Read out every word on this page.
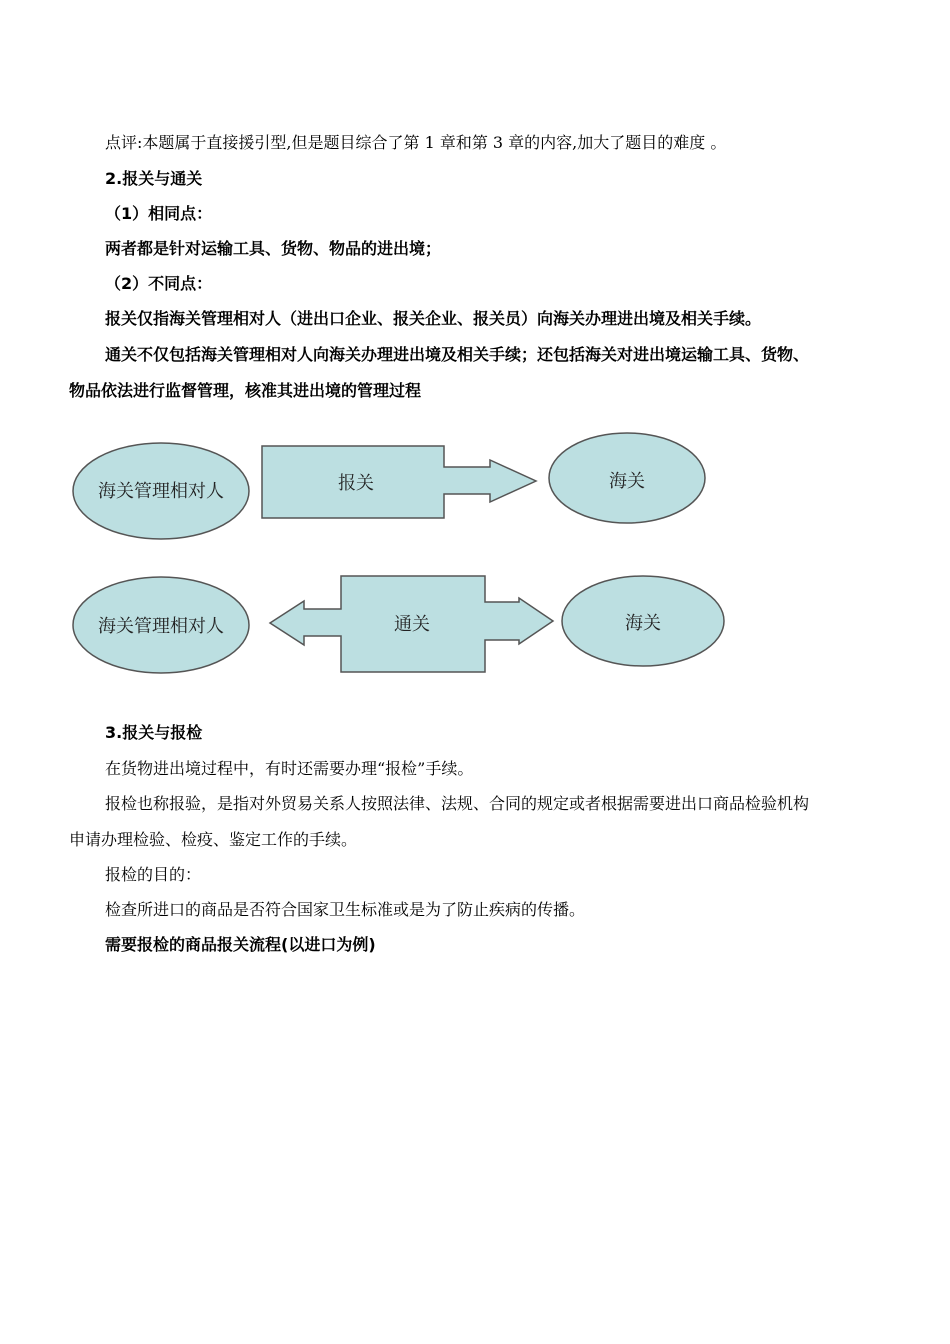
点评:本题属于直接援引型,但是题目综合了第 1 章和第 3 章的内容,加大了题目的难度 。
2.报关与通关
（1）相同点：
两者都是针对运输工具、货物、物品的进出境；
（2）不同点：
报关仅指海关管理相对人（进出口企业、报关企业、报关员）向海关办理进出境及相关手续。
通关不仅包括海关管理相对人向海关办理进出境及相关手续；还包括海关对进出境运输工具、货物、
物品依法进行监督管理，核准其进出境的管理过程
海关管理相对人	报关	海关
海关管理相对人	通关	海关
3.报关与报检
在货物进出境过程中，有时还需要办理“报检”手续。
报检也称报验，是指对外贸易关系人按照法律、法规、合同的规定或者根据需要进出口商品检验机构
申请办理检验、检疫、鉴定工作的手续。
报检的目的：
检查所进口的商品是否符合国家卫生标准或是为了防止疾病的传播。
需要报检的商品报关流程(以进口为例)
